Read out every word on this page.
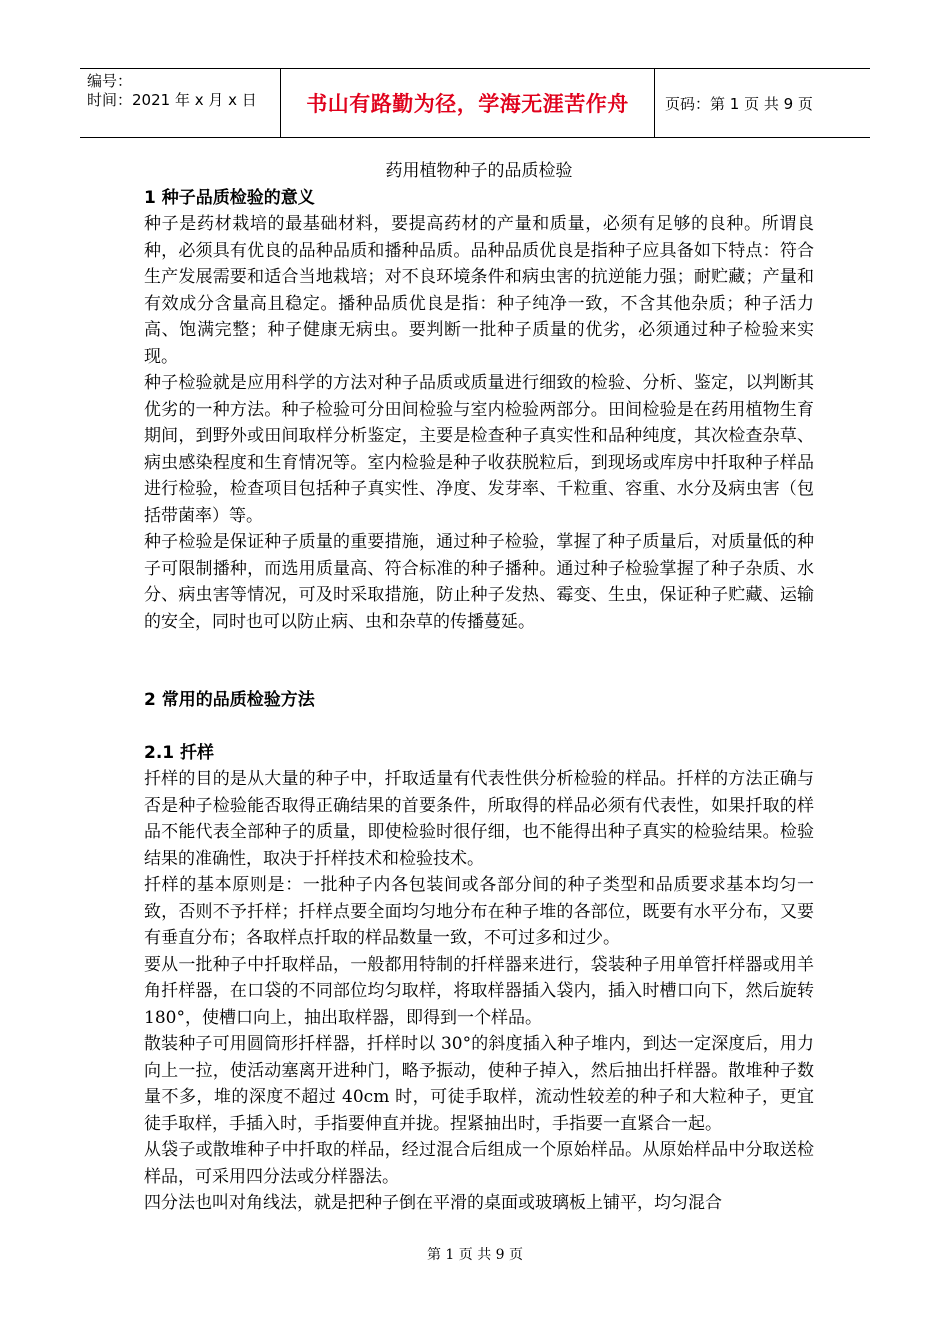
编号：
时间：2021 年 x 月 x 日	书山有路勤为径，学海无涯苦作舟 页码：第 1 页 共 9 页

药用植物种子的品质检验

1 种子品质检验的意义

种子是药材栽培的最基础材料，要提高药材的产量和质量，必须有足够的良种。所谓良种，必须具有优良的品种品质和播种品质。品种品质优良是指种子应具备如下特点：符合生产发展需要和适合当地栽培；对不良环境条件和病虫害的抗逆能力强；耐贮藏；产量和有效成分含量高且稳定。播种品质优良是指：种子纯净一致，不含其他杂质；种子活力高、饱满完整；种子健康无病虫。要判断一批种子质量的优劣，必须通过种子检验来实现。

种子检验就是应用科学的方法对种子品质或质量进行细致的检验、分析、鉴定，以判断其优劣的一种方法。种子检验可分田间检验与室内检验两部分。田间检验是在药用植物生育期间，到野外或田间取样分析鉴定，主要是检查种子真实性和品种纯度，其次检查杂草、病虫感染程度和生育情况等。室内检验是种子收获脱粒后，到现场或库房中扦取种子样品进行检验，检查项目包括种子真实性、净度、发芽率、千粒重、容重、水分及病虫害（包括带菌率）等。

种子检验是保证种子质量的重要措施，通过种子检验，掌握了种子质量后，对质量低的种子可限制播种，而选用质量高、符合标准的种子播种。通过种子检验掌握了种子杂质、水分、病虫害等情况，可及时采取措施，防止种子发热、霉变、生虫，保证种子贮藏、运输的安全，同时也可以防止病、虫和杂草的传播蔓延。

2 常用的品质检验方法

2.1 扦样

扦样的目的是从大量的种子中，扦取适量有代表性供分析检验的样品。扦样的方法正确与否是种子检验能否取得正确结果的首要条件，所取得的样品必须有代表性，如果扦取的样品不能代表全部种子的质量，即使检验时很仔细，也不能得出种子真实的检验结果。检验结果的准确性，取决于扦样技术和检验技术。

扦样的基本原则是：一批种子内各包装间或各部分间的种子类型和品质要求基本均匀一致，否则不予扦样；扦样点要全面均匀地分布在种子堆的各部位，既要有水平分布，又要有垂直分布；各取样点扦取的样品数量一致，不可过多和过少。

要从一批种子中扦取样品，一般都用特制的扦样器来进行，袋装种子用单管扦样器或用羊角扦样器，在口袋的不同部位均匀取样，将取样器插入袋内，插入时槽口向下，然后旋转 180°，使槽口向上，抽出取样器，即得到一个样品。

散装种子可用圆筒形扦样器，扦样时以 30°的斜度插入种子堆内，到达一定深度后，用力向上一拉，使活动塞离开进种门，略予振动，使种子掉入，然后抽出扦样器。散堆种子数量不多，堆的深度不超过 40cm 时，可徒手取样，流动性较差的种子和大粒种子，更宜徒手取样，手插入时，手指要伸直并拢。捏紧抽出时，手指要一直紧合一起。

从袋子或散堆种子中扦取的样品，经过混合后组成一个原始样品。从原始样品中分取送检样品，可采用四分法或分样器法。

四分法也叫对角线法，就是把种子倒在平滑的桌面或玻璃板上铺平，均匀混合

第 1 页 共 9 页
